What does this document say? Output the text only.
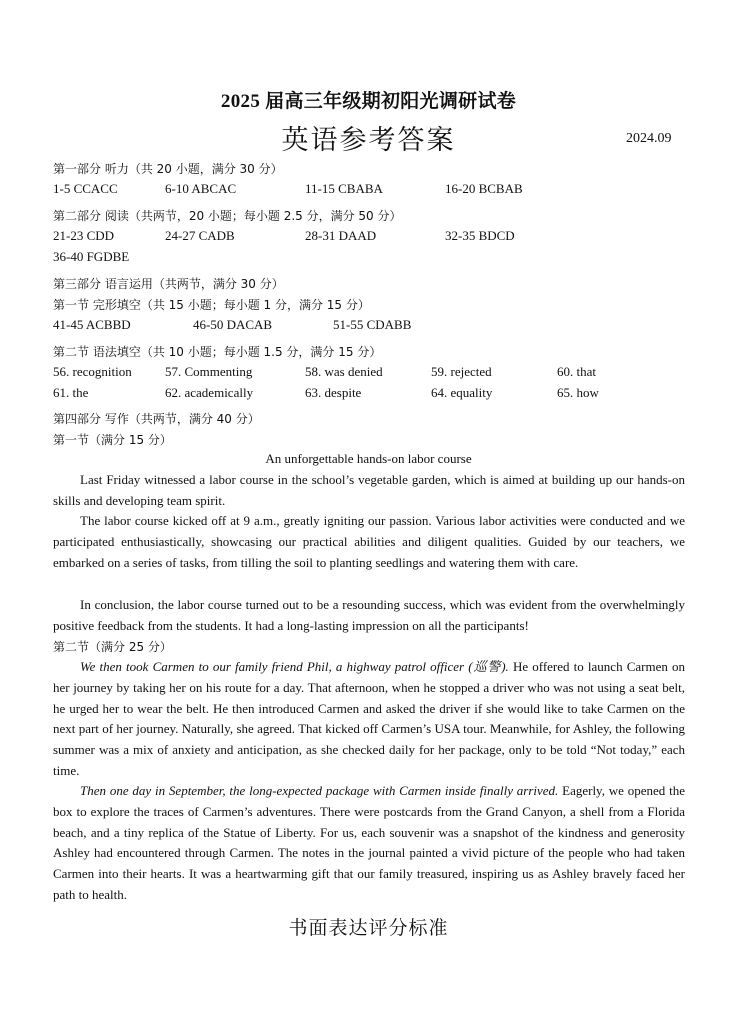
2025 届高三年级期初阳光调研试卷
英语参考答案	2024.09
第一部分 听力（共 20 小题，满分 30 分）
1-5 CCACC	6-10 ABCAC	11-15 CBABA	16-20 BCBAB
第二部分 阅读（共两节，20 小题；每小题 2.5 分，满分 50 分）
21-23 CDD	24-27 CADB	28-31 DAAD	32-35 BDCD
36-40 FGDBE
第三部分 语言运用（共两节，满分 30 分）
第一节 完形填空（共 15 小题；每小题 1 分，满分 15 分）
41-45 ACBBD	46-50 DACAB	51-55 CDABB
第二节 语法填空（共 10 小题；每小题 1.5 分，满分 15 分）
56. recognition	57. Commenting	58. was denied	59. rejected	60. that
61. the	62. academically	63. despite	64. equality	65. how
第四部分 写作（共两节，满分 40 分）
第一节（满分 15 分）
An unforgettable hands-on labor course

Last Friday witnessed a labor course in the school’s vegetable garden, which is aimed at building up our hands-on skills and developing team spirit.

The labor course kicked off at 9 a.m., greatly igniting our passion. Various labor activities were conducted and we participated enthusiastically, showcasing our practical abilities and diligent qualities. Guided by our teachers, we embarked on a series of tasks, from tilling the soil to planting seedlings and watering them with care.

In conclusion, the labor course turned out to be a resounding success, which was evident from the overwhelmingly positive feedback from the students. It had a long-lasting impression on all the participants!

第二节（满分 25 分）

We then took Carmen to our family friend Phil, a highway patrol officer (巡警). He offered to launch Carmen on her journey by taking her on his route for a day. That afternoon, when he stopped a driver who was not using a seat belt, he urged her to wear the belt. He then introduced Carmen and asked the driver if she would like to take Carmen on the next part of her journey. Naturally, she agreed. That kicked off Carmen’s USA tour. Meanwhile, for Ashley, the following summer was a mix of anxiety and anticipation, as she checked daily for her package, only to be told “Not today,” each time.

Then one day in September, the long-expected package with Carmen inside finally arrived. Eagerly, we opened the box to explore the traces of Carmen’s adventures. There were postcards from the Grand Canyon, a shell from a Florida beach, and a tiny replica of the Statue of Liberty. For us, each souvenir was a snapshot of the kindness and generosity Ashley had encountered through Carmen. The notes in the journal painted a vivid picture of the people who had taken Carmen into their hearts. It was a heartwarming gift that our family treasured, inspiring us as Ashley bravely faced her path to health.

书面表达评分标准
